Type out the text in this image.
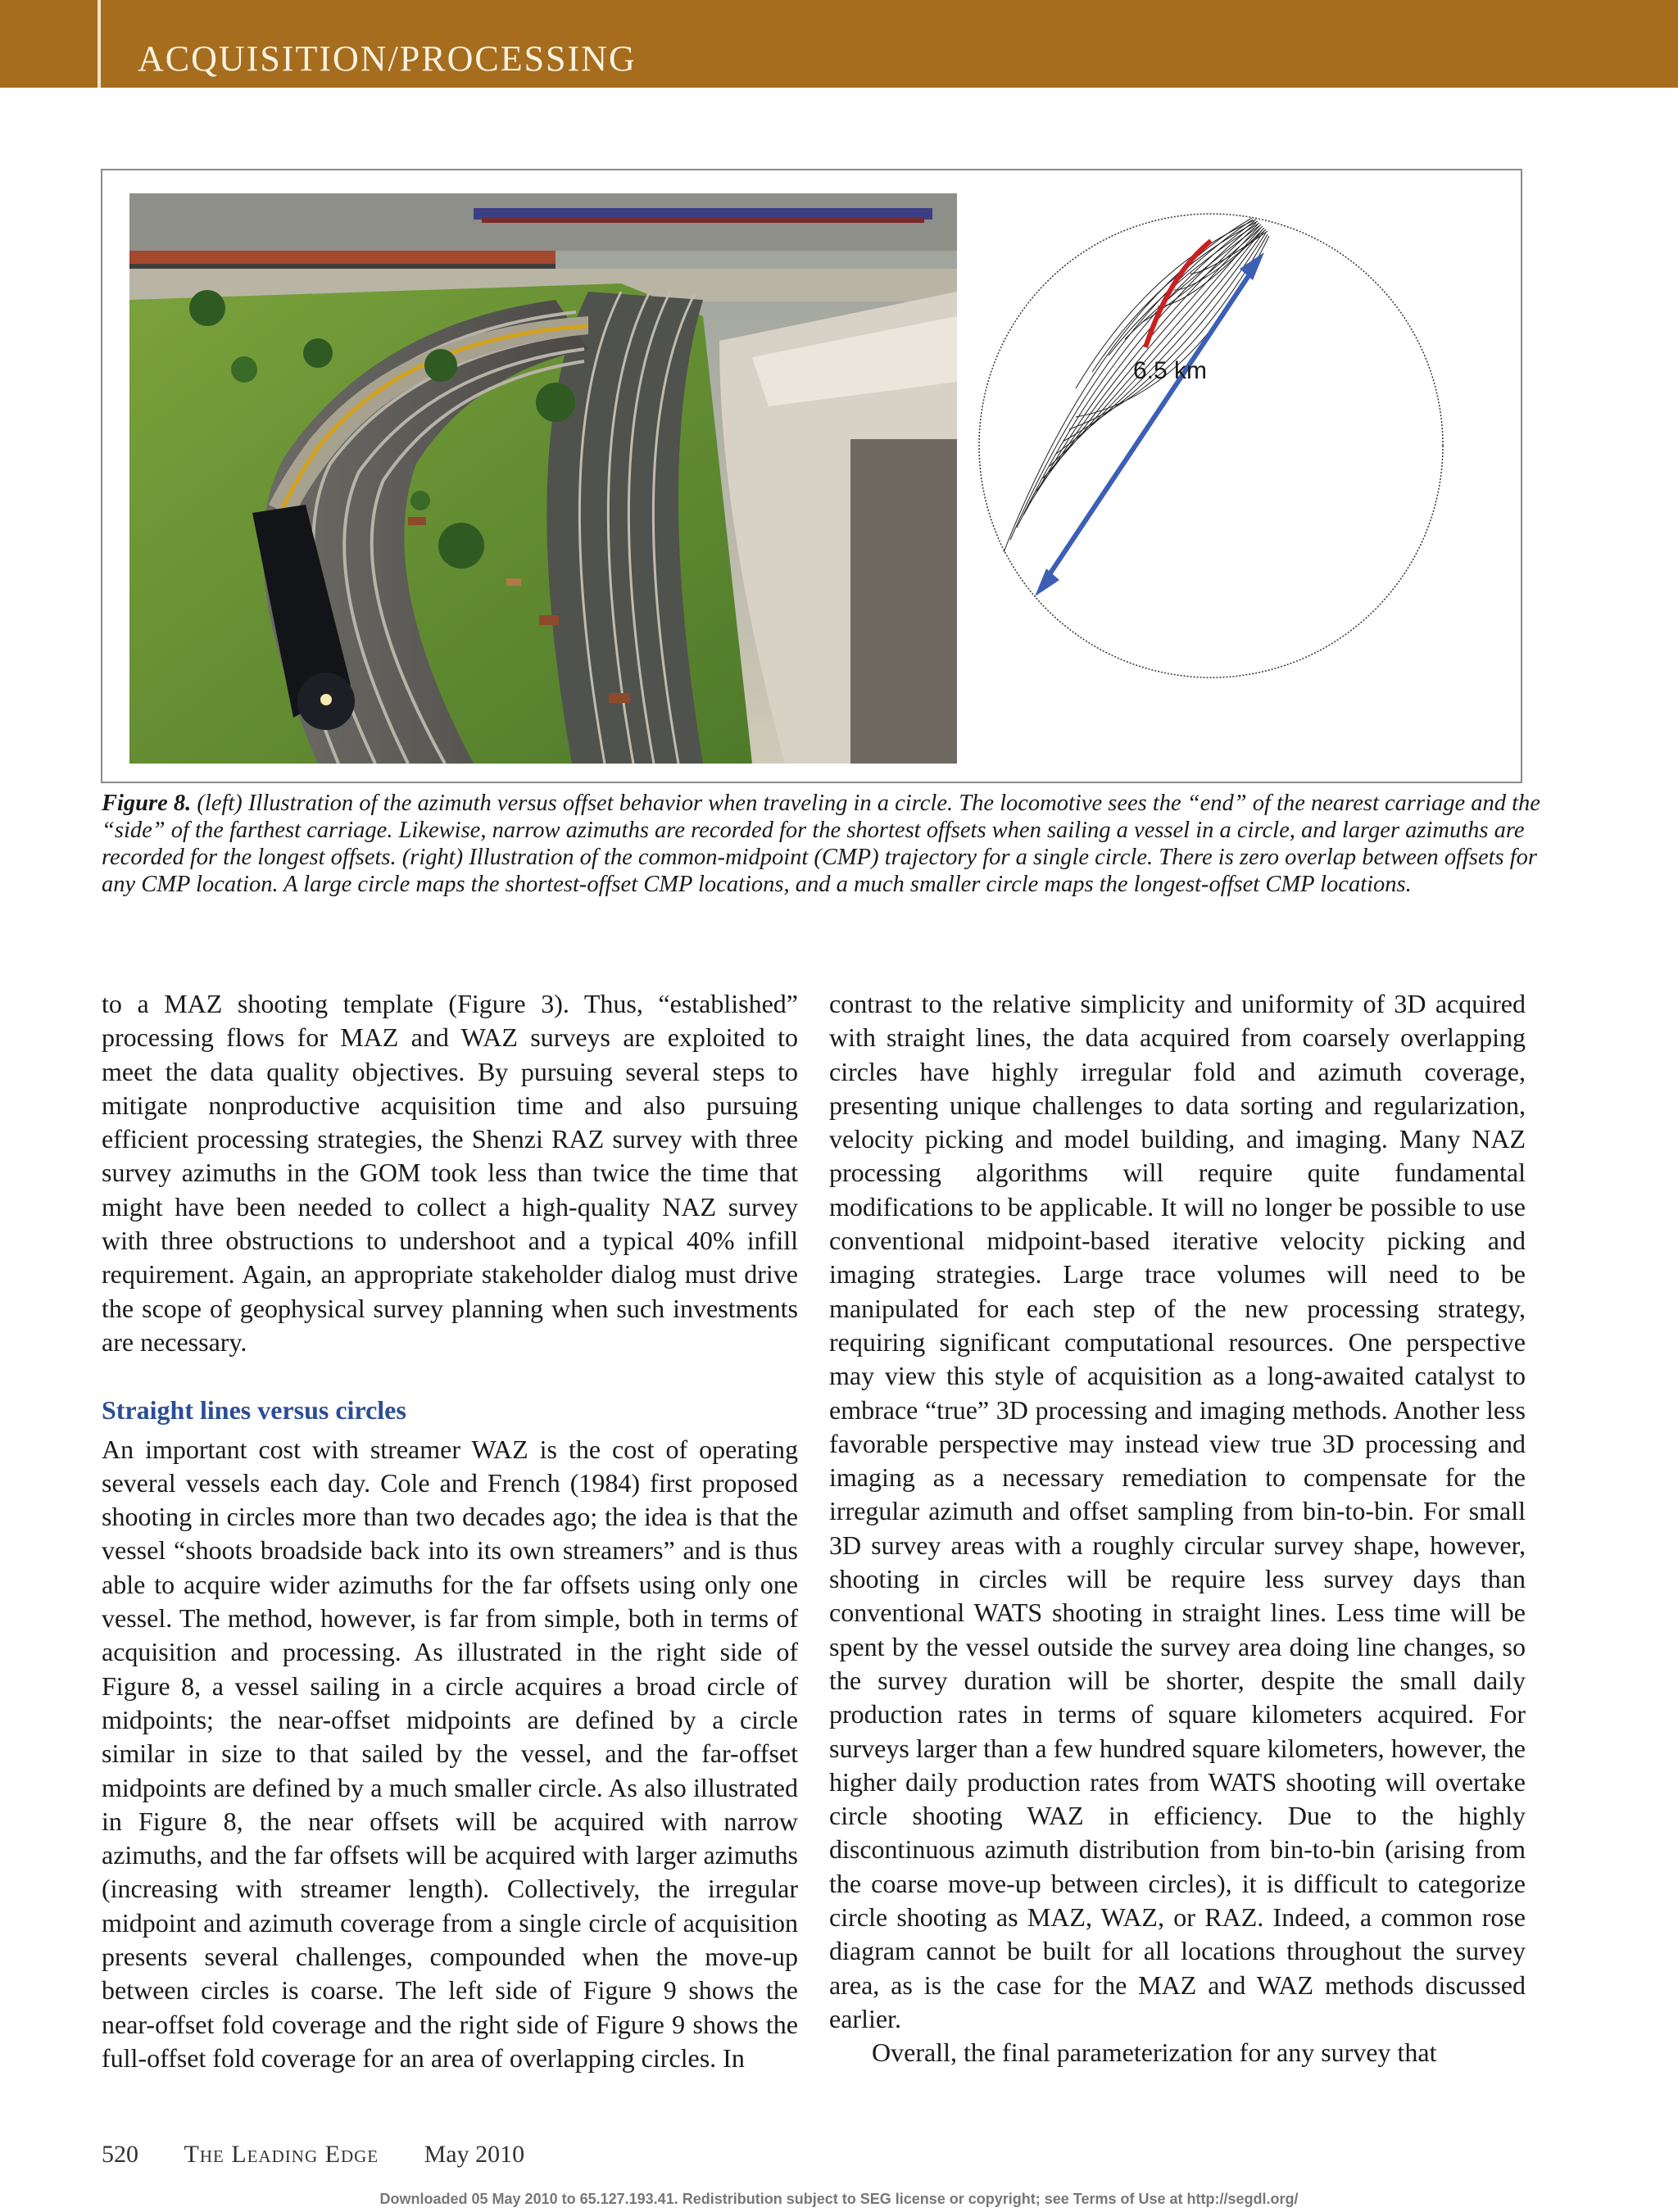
ACQUISITION/PROCESSING
6.5 km
Figure 8. (left) Illustration of the azimuth versus offset behavior when traveling in a circle. The locomotive sees the “end” of the nearest carriage and the “side” of the farthest carriage. Likewise, narrow azimuths are recorded for the shortest offsets when sailing a vessel in a circle, and larger azimuths are recorded for the longest offsets. (right) Illustration of the common-midpoint (CMP) trajectory for a single circle. There is zero overlap between offsets for any CMP location. A large circle maps the shortest-offset CMP locations, and a much smaller circle maps the longest-offset CMP locations.

to a MAZ shooting template (Figure 3). Thus, “established” processing flows for MAZ and WAZ surveys are exploited to meet the data quality objectives. By pursuing several steps to mitigate nonproductive acquisition time and also pursuing efficient processing strategies, the Shenzi RAZ survey with three survey azimuths in the GOM took less than twice the time that might have been needed to collect a high-quality NAZ survey with three obstructions to undershoot and a typical 40% infill requirement. Again, an appropriate stakeholder dialog must drive the scope of geophysical survey planning when such investments are necessary.

Straight lines versus circles

An important cost with streamer WAZ is the cost of operating several vessels each day. Cole and French (1984) first proposed shooting in circles more than two decades ago; the idea is that the vessel “shoots broadside back into its own streamers” and is thus able to acquire wider azimuths for the far offsets using only one vessel. The method, however, is far from simple, both in terms of acquisition and processing. As illustrated in the right side of Figure 8, a vessel sailing in a circle acquires a broad circle of midpoints; the near-offset midpoints are defined by a circle similar in size to that sailed by the vessel, and the far-offset midpoints are defined by a much smaller circle. As also illustrated in Figure 8, the near offsets will be acquired with narrow azimuths, and the far offsets will be acquired with larger azimuths (increasing with streamer length). Collectively, the irregular midpoint and azimuth coverage from a single circle of acquisition presents several challenges, compounded when the move-up between circles is coarse. The left side of Figure 9 shows the near-offset fold coverage and the right side of Figure 9 shows the full-offset fold coverage for an area of overlapping circles. In

contrast to the relative simplicity and uniformity of 3D acquired with straight lines, the data acquired from coarsely overlapping circles have highly irregular fold and azimuth coverage, presenting unique challenges to data sorting and regularization, velocity picking and model building, and imaging. Many NAZ processing algorithms will require quite fundamental modifications to be applicable. It will no longer be possible to use conventional midpoint-based iterative velocity picking and imaging strategies. Large trace volumes will need to be manipulated for each step of the new processing strategy, requiring significant computational resources. One perspective may view this style of acquisition as a long-awaited catalyst to embrace “true” 3D processing and imaging methods. Another less favorable perspective may instead view true 3D processing and imaging as a necessary remediation to compensate for the irregular azimuth and offset sampling from bin-to-bin. For small 3D survey areas with a roughly circular survey shape, however, shooting in circles will be require less survey days than conventional WATS shooting in straight lines. Less time will be spent by the vessel outside the survey area doing line changes, so the survey duration will be shorter, despite the small daily production rates in terms of square kilometers acquired. For surveys larger than a few hundred square kilometers, however, the higher daily production rates from WATS shooting will overtake circle shooting WAZ in efficiency. Due to the highly discontinuous azimuth distribution from bin-to-bin (arising from the coarse move-up between circles), it is difficult to categorize circle shooting as MAZ, WAZ, or RAZ. Indeed, a common rose diagram cannot be built for all locations throughout the survey area, as is the case for the MAZ and WAZ methods discussed earlier.

Overall, the final parameterization for any survey that

520 The Leading Edge May 2010
Downloaded 05 May 2010 to 65.127.193.41. Redistribution subject to SEG license or copyright; see Terms of Use at http://segdl.org/
